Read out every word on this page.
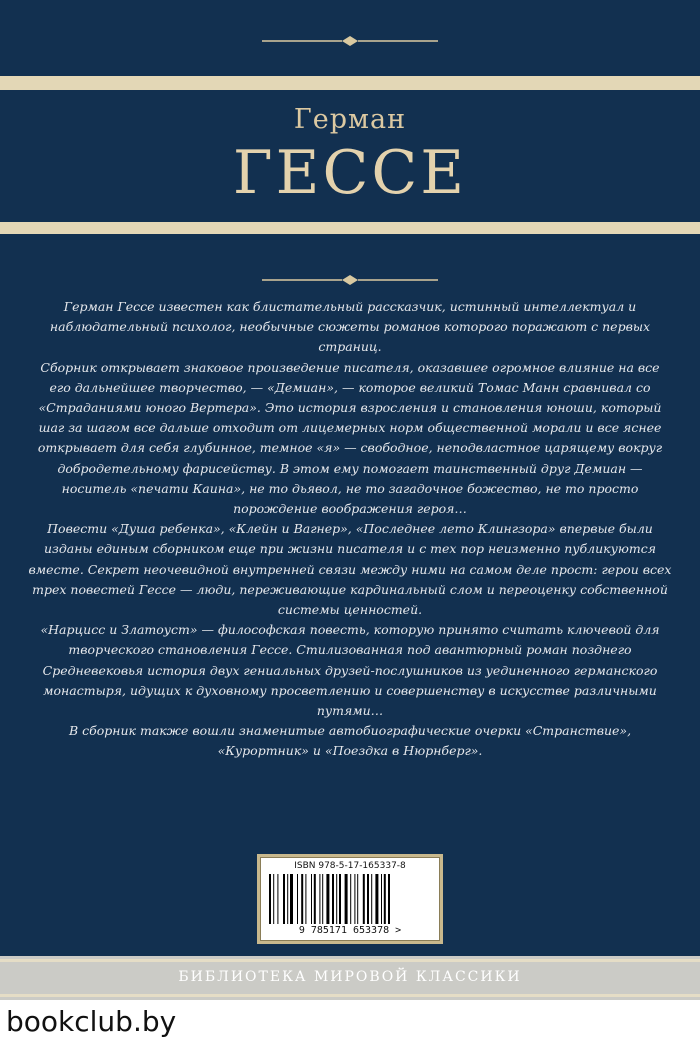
Герман
ГЕССЕ

Герман Гессе известен как блистательный рассказчик, истинный интеллектуал и наблюдательный психолог, необычные сюжеты романов которого поражают с первых страниц.

Сборник открывает знаковое произведение писателя, оказавшее огромное влияние на все его дальнейшее творчество, — «Демиан», — которое великий Томас Манн сравнивал со «Страданиями юного Вертера». Это история взросления и становления юноши, который шаг за шагом все дальше отходит от лицемерных норм общественной морали и все яснее открывает для себя глубинное, темное «я» — свободное, неподвластное царящему вокруг добродетельному фарисейству. В этом ему помогает таинственный друг Демиан — носитель «печати Каина», не то дьявол, не то загадочное божество, не то просто порождение воображения героя…

Повести «Душа ребенка», «Клейн и Вагнер», «Последнее лето Клингзора» впервые были изданы единым сборником еще при жизни писателя и с тех пор неизменно публикуются вместе. Секрет неочевидной внутренней связи между ними на самом деле прост: герои всех трех повестей Гессе — люди, переживающие кардинальный слом и переоценку собственной системы ценностей.

«Нарцисс и Златоуст» — философская повесть, которую принято считать ключевой для творческого становления Гессе. Стилизованная под авантюрный роман позднего Средневековья история двух гениальных друзей-послушников из уединенного германского монастыря, идущих к духовному просветлению и совершенству в искусстве различными путями…

В сборник также вошли знаменитые автобиографические очерки «Странствие», «Курортник» и «Поездка в Нюрнберг».

ISBN 978-5-17-165337-8
9 785171 653378 >
БИБЛИОТЕКА МИРОВОЙ КЛАССИКИ
bookclub.by
